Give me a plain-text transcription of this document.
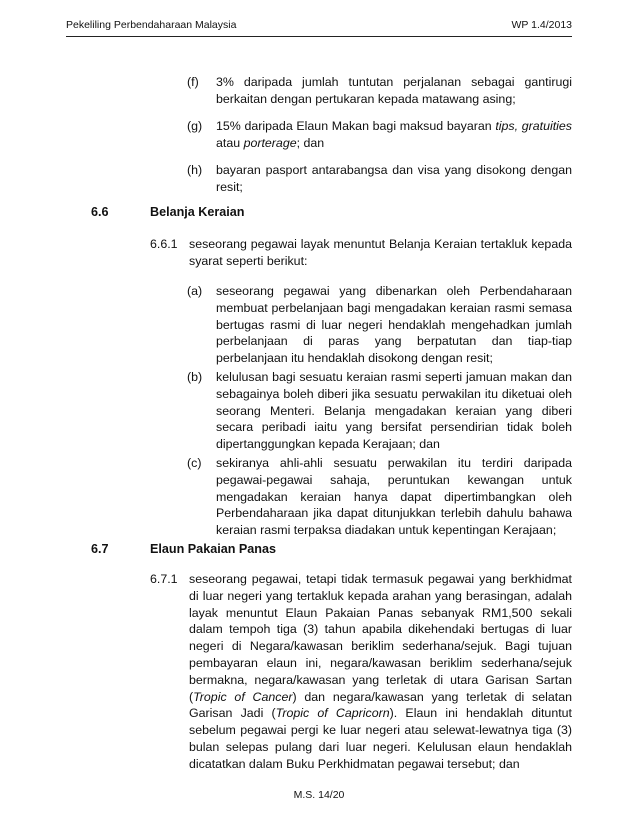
Pekeliling Perbendaharaan Malaysia	WP 1.4/2013
(f) 3% daripada jumlah tuntutan perjalanan sebagai gantirugi berkaitan dengan pertukaran kepada matawang asing;
(g) 15% daripada Elaun Makan bagi maksud bayaran tips, gratuities atau porterage; dan
(h) bayaran pasport antarabangsa dan visa yang disokong dengan resit;
6.6	Belanja Keraian
6.6.1 seseorang pegawai layak menuntut Belanja Keraian tertakluk kepada syarat seperti berikut:
(a) seseorang pegawai yang dibenarkan oleh Perbendaharaan membuat perbelanjaan bagi mengadakan keraian rasmi semasa bertugas rasmi di luar negeri hendaklah mengehadkan jumlah perbelanjaan di paras yang berpatutan dan tiap-tiap perbelanjaan itu hendaklah disokong dengan resit;
(b) kelulusan bagi sesuatu keraian rasmi seperti jamuan makan dan sebagainya boleh diberi jika sesuatu perwakilan itu diketuai oleh seorang Menteri. Belanja mengadakan keraian yang diberi secara peribadi iaitu yang bersifat persendirian tidak boleh dipertanggungkan kepada Kerajaan; dan
(c) sekiranya ahli-ahli sesuatu perwakilan itu terdiri daripada pegawai-pegawai sahaja, peruntukan kewangan untuk mengadakan keraian hanya dapat dipertimbangkan oleh Perbendaharaan jika dapat ditunjukkan terlebih dahulu bahawa keraian rasmi terpaksa diadakan untuk kepentingan Kerajaan;
6.7	Elaun Pakaian Panas
6.7.1 seseorang pegawai, tetapi tidak termasuk pegawai yang berkhidmat di luar negeri yang tertakluk kepada arahan yang berasingan, adalah layak menuntut Elaun Pakaian Panas sebanyak RM1,500 sekali dalam tempoh tiga (3) tahun apabila dikehendaki bertugas di luar negeri di Negara/kawasan beriklim sederhana/sejuk. Bagi tujuan pembayaran elaun ini, negara/kawasan beriklim sederhana/sejuk bermakna, negara/kawasan yang terletak di utara Garisan Sartan (Tropic of Cancer) dan negara/kawasan yang terletak di selatan Garisan Jadi (Tropic of Capricorn). Elaun ini hendaklah dituntut sebelum pegawai pergi ke luar negeri atau selewat-lewatnya tiga (3) bulan selepas pulang dari luar negeri. Kelulusan elaun hendaklah dicatatkan dalam Buku Perkhidmatan pegawai tersebut; dan
M.S. 14/20
